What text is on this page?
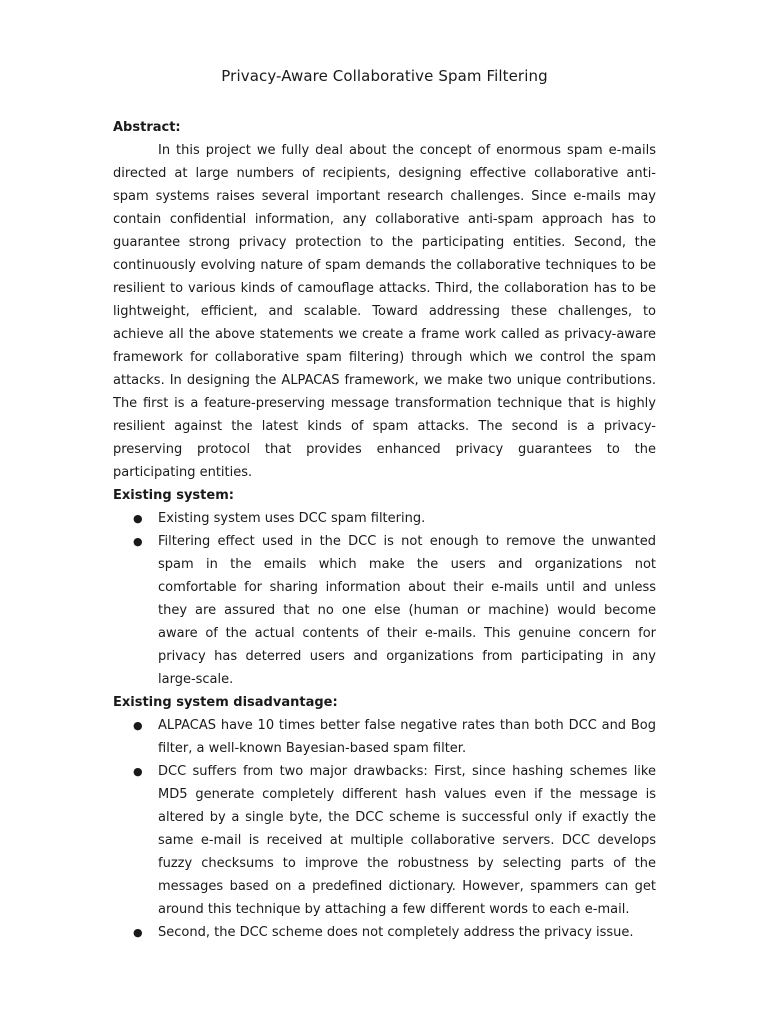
Privacy-Aware Collaborative Spam Filtering
Abstract:

In this project we fully deal about the concept of enormous spam e-mails directed at large numbers of recipients, designing effective collaborative anti-spam systems raises several important research challenges. Since e-mails may contain confidential information, any collaborative anti-spam approach has to guarantee strong privacy protection to the participating entities. Second, the continuously evolving nature of spam demands the collaborative techniques to be resilient to various kinds of camouflage attacks. Third, the collaboration has to be lightweight, efficient, and scalable. Toward addressing these challenges, to achieve all the above statements we create a frame work called as privacy-aware framework for collaborative spam filtering) through which we control the spam attacks. In designing the ALPACAS framework, we make two unique contributions. The first is a feature-preserving message transformation technique that is highly resilient against the latest kinds of spam attacks. The second is a privacy-preserving protocol that provides enhanced privacy guarantees to the participating entities.

Existing system:
● Existing system uses DCC spam filtering.
● Filtering effect used in the DCC is not enough to remove the unwanted spam in the emails which make the users and organizations not comfortable for sharing information about their e-mails until and unless they are assured that no one else (human or machine) would become aware of the actual contents of their e-mails. This genuine concern for privacy has deterred users and organizations from participating in any large-scale.
Existing system disadvantage:
● ALPACAS have 10 times better false negative rates than both DCC and Bog filter, a well-known Bayesian-based spam filter.
● DCC suffers from two major drawbacks: First, since hashing schemes like MD5 generate completely different hash values even if the message is altered by a single byte, the DCC scheme is successful only if exactly the same e-mail is received at multiple collaborative servers. DCC develops fuzzy checksums to improve the robustness by selecting parts of the messages based on a predefined dictionary. However, spammers can get around this technique by attaching a few different words to each e-mail.
● Second, the DCC scheme does not completely address the privacy issue.
